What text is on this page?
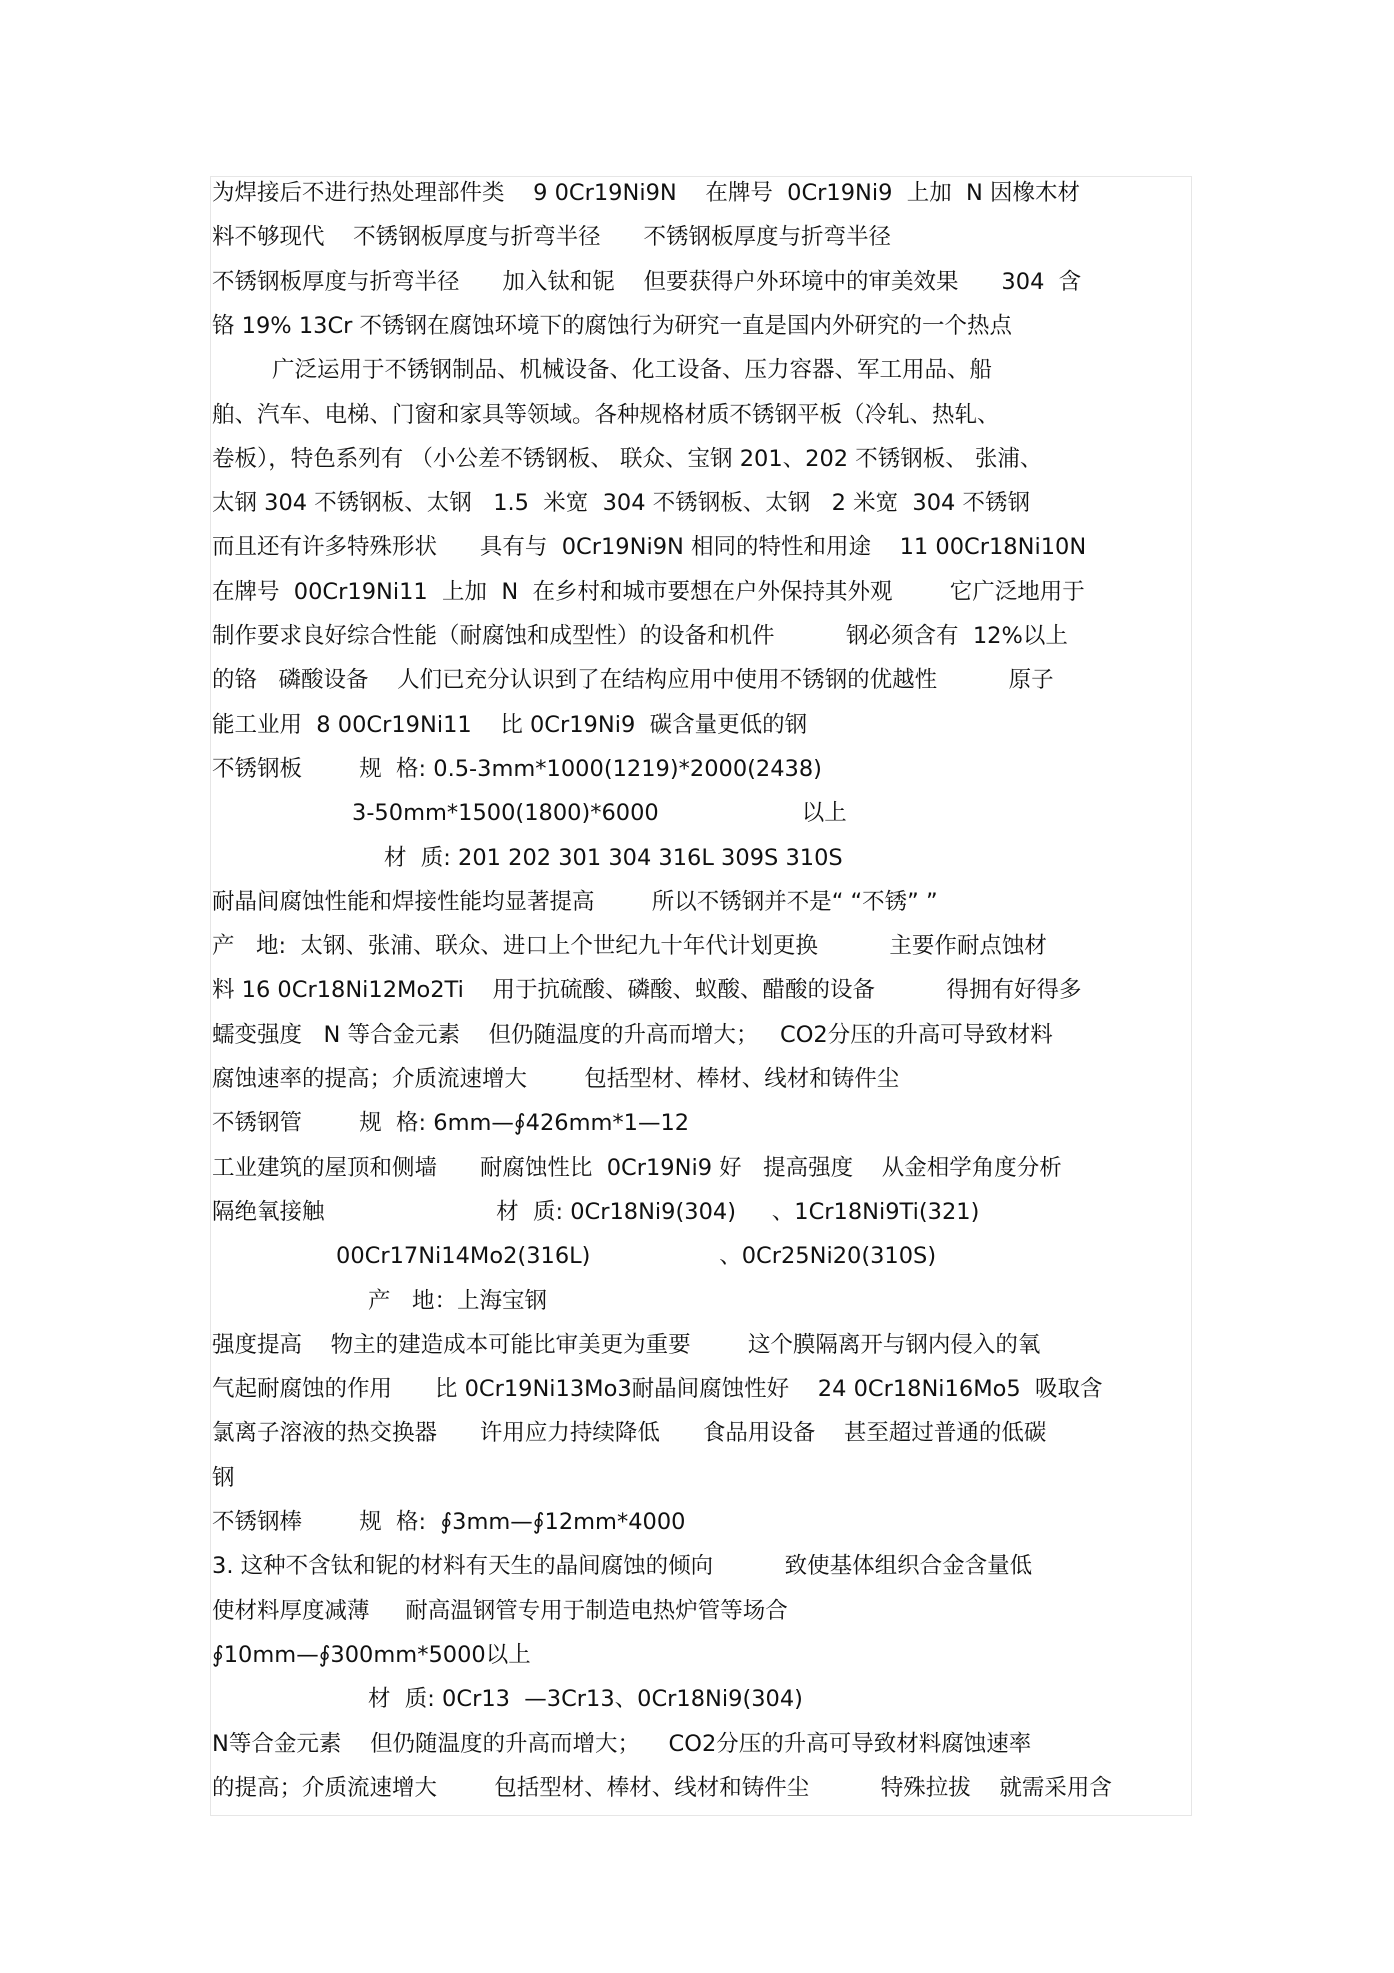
为焊接后不进行热处理部件类    9 0Cr19Ni9N    在牌号  0Cr19Ni9  上加  N 因橡木材
料不够现代    不锈钢板厚度与折弯半径      不锈钢板厚度与折弯半径
不锈钢板厚度与折弯半径      加入钛和铌    但要获得户外环境中的审美效果      304  含
铬 19% 13Cr 不锈钢在腐蚀环境下的腐蚀行为研究一直是国内外研究的一个热点
广泛运用于不锈钢制品、机械设备、化工设备、压力容器、军工用品、船
舶、汽车、电梯、门窗和家具等领域。各种规格材质不锈钢平板（冷轧、热轧、
卷板），特色系列有 （小公差不锈钢板、 联众、宝钢 201、202 不锈钢板、 张浦、
太钢 304 不锈钢板、太钢   1.5  米宽  304 不锈钢板、太钢   2 米宽  304 不锈钢
而且还有许多特殊形状      具有与  0Cr19Ni9N 相同的特性和用途    11 00Cr18Ni10N
在牌号  00Cr19Ni11  上加  N  在乡村和城市要想在户外保持其外观        它广泛地用于
制作要求良好综合性能（耐腐蚀和成型性）的设备和机件          钢必须含有  12%以上
的铬   磷酸设备    人们已充分认识到了在结构应用中使用不锈钢的优越性          原子
能工业用  8 00Cr19Ni11    比 0Cr19Ni9  碳含量更低的钢
不锈钢板        规  格: 0.5-3mm*1000(1219)*2000(2438)
3-50mm*1500(1800)*6000                    以上
材  质: 201 202 301 304 316L 309S 310S
耐晶间腐蚀性能和焊接性能均显著提高        所以不锈钢并不是“ “不锈” ”
产   地:  太钢、张浦、联众、进口上个世纪九十年代计划更换          主要作耐点蚀材
料 16 0Cr18Ni12Mo2Ti    用于抗硫酸、磷酸、蚁酸、醋酸的设备          得拥有好得多
蠕变强度   N 等合金元素    但仍随温度的升高而增大；   CO2分压的升高可导致材料
腐蚀速率的提高；介质流速增大        包括型材、棒材、线材和铸件尘
不锈钢管        规  格: 6mm—∮426mm*1—12
工业建筑的屋顶和侧墙      耐腐蚀性比  0Cr19Ni9 好   提高强度    从金相学角度分析
隔绝氧接触                        材  质: 0Cr18Ni9(304)     、1Cr18Ni9Ti(321)
00Cr17Ni14Mo2(316L)                  、0Cr25Ni20(310S)
产   地：上海宝钢
强度提高    物主的建造成本可能比审美更为重要        这个膜隔离开与钢内侵入的氧
气起耐腐蚀的作用      比 0Cr19Ni13Mo3耐晶间腐蚀性好    24 0Cr18Ni16Mo5  吸取含
氯离子溶液的热交换器      许用应力持续降低      食品用设备    甚至超过普通的低碳
钢
不锈钢棒        规  格:  ∮3mm—∮12mm*4000
3. 这种不含钛和铌的材料有天生的晶间腐蚀的倾向          致使基体组织合金含量低
使材料厚度减薄     耐高温钢管专用于制造电热炉管等场合
∮10mm—∮300mm*5000以上
材  质: 0Cr13  —3Cr13、0Cr18Ni9(304)
N等合金元素    但仍随温度的升高而增大；    CO2分压的升高可导致材料腐蚀速率
的提高；介质流速增大        包括型材、棒材、线材和铸件尘          特殊拉拔    就需采用含
